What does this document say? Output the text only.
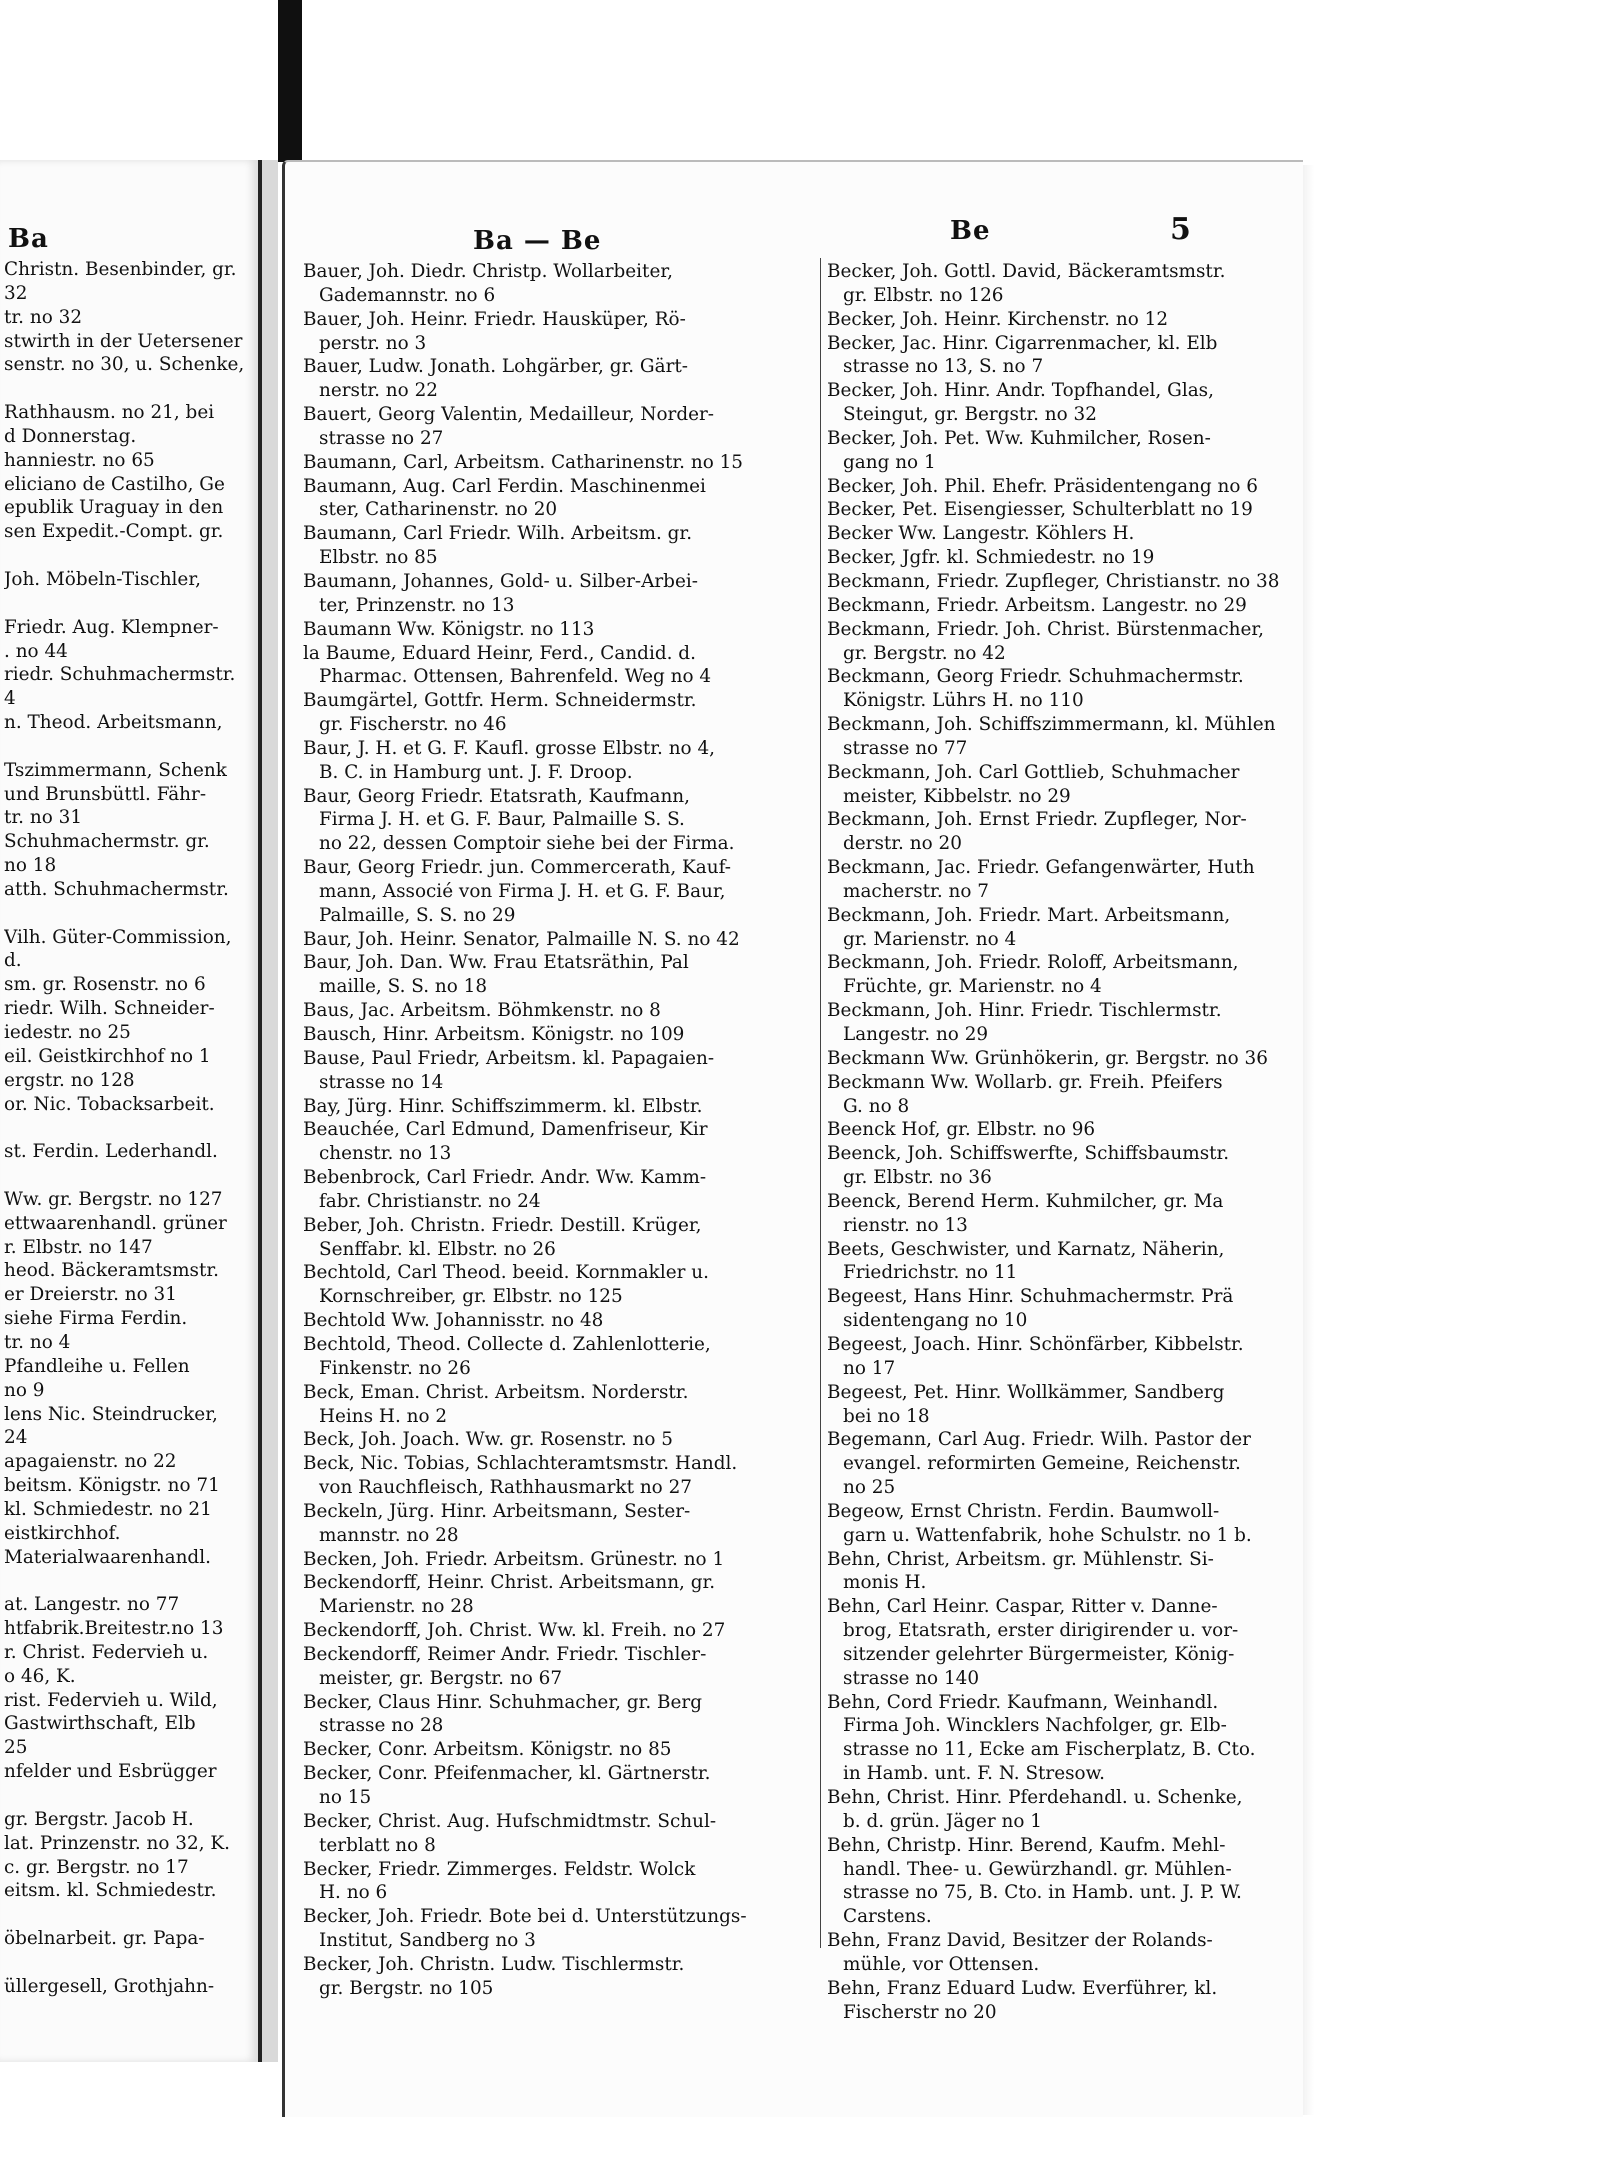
Ba
Christn. Besenbinder, gr.
32
tr. no 32
stwirth in der Uetersener
senstr. no 30, u. Schenke,

Rathhausm. no 21, bei
d Donnerstag.
hanniestr. no 65
eliciano de Castilho, Ge
epublik Uraguay in den
sen Expedit.-Compt. gr.

Joh. Möbeln-Tischler,

Friedr. Aug. Klempner-
. no 44
riedr. Schuhmachermstr.
4
n. Theod. Arbeitsmann,

Tszimmermann, Schenk
und Brunsbüttl. Fähr-
tr. no 31
Schuhmachermstr. gr.
no 18
atth. Schuhmachermstr.

Vilh. Güter-Commission,
d.
sm. gr. Rosenstr. no 6
riedr. Wilh. Schneider-
iedestr. no 25
eil. Geistkirchhof no 1
ergstr. no 128
or. Nic. Tobacksarbeit.

st. Ferdin. Lederhandl.

Ww. gr. Bergstr. no 127
ettwaarenhandl. grüner
r. Elbstr. no 147
heod. Bäckeramtsmstr.
er Dreierstr. no 31
siehe Firma Ferdin.
tr. no 4
Pfandleihe u. Fellen
no 9
lens Nic. Steindrucker,
24
apagaienstr. no 22
beitsm. Königstr. no 71
kl. Schmiedestr. no 21
eistkirchhof.
Materialwaarenhandl.

at. Langestr. no 77
htfabrik.Breitestr.no 13
r. Christ. Federvieh u.
o 46, K.
rist. Federvieh u. Wild,
Gastwirthschaft, Elb
25
nfelder und Esbrügger

gr. Bergstr. Jacob H.
lat. Prinzenstr. no 32, K.
c. gr. Bergstr. no 17
eitsm. kl. Schmiedestr.

öbelnarbeit. gr. Papa-

üllergesell, Grothjahn-
Ba — Be	Be	5
Bauer, Joh. Diedr. Christp. Wollarbeiter,
Gademannstr. no 6
Bauer, Joh. Heinr. Friedr. Hausküper, Rö-
perstr. no 3
Bauer, Ludw. Jonath. Lohgärber, gr. Gärt-
nerstr. no 22
Bauert, Georg Valentin, Medailleur, Norder-
strasse no 27
Baumann, Carl, Arbeitsm. Catharinenstr. no 15
Baumann, Aug. Carl Ferdin. Maschinenmei
ster, Catharinenstr. no 20
Baumann, Carl Friedr. Wilh. Arbeitsm. gr.
Elbstr. no 85
Baumann, Johannes, Gold- u. Silber-Arbei-
ter, Prinzenstr. no 13
Baumann Ww. Königstr. no 113
la Baume, Eduard Heinr, Ferd., Candid. d.
Pharmac. Ottensen, Bahrenfeld. Weg no 4
Baumgärtel, Gottfr. Herm. Schneidermstr.
gr. Fischerstr. no 46
Baur, J. H. et G. F. Kaufl. grosse Elbstr. no 4,
B. C. in Hamburg unt. J. F. Droop.
Baur, Georg Friedr. Etatsrath, Kaufmann,
Firma J. H. et G. F. Baur, Palmaille S. S.
no 22, dessen Comptoir siehe bei der Firma.
Baur, Georg Friedr. jun. Commercerath, Kauf-
mann, Associé von Firma J. H. et G. F. Baur,
Palmaille, S. S. no 29
Baur, Joh. Heinr. Senator, Palmaille N. S. no 42
Baur, Joh. Dan. Ww. Frau Etatsräthin, Pal
maille, S. S. no 18
Baus, Jac. Arbeitsm. Böhmkenstr. no 8
Bausch, Hinr. Arbeitsm. Königstr. no 109
Bause, Paul Friedr, Arbeitsm. kl. Papagaien-
strasse no 14
Bay, Jürg. Hinr. Schiffszimmerm. kl. Elbstr.
Beauchée, Carl Edmund, Damenfriseur, Kir
chenstr. no 13
Bebenbrock, Carl Friedr. Andr. Ww. Kamm-
fabr. Christianstr. no 24
Beber, Joh. Christn. Friedr. Destill. Krüger,
Senffabr. kl. Elbstr. no 26
Bechtold, Carl Theod. beeid. Kornmakler u.
Kornschreiber, gr. Elbstr. no 125
Bechtold Ww. Johannisstr. no 48
Bechtold, Theod. Collecte d. Zahlenlotterie,
Finkenstr. no 26
Beck, Eman. Christ. Arbeitsm. Norderstr.
Heins H. no 2
Beck, Joh. Joach. Ww. gr. Rosenstr. no 5
Beck, Nic. Tobias, Schlachteramtsmstr. Handl.
von Rauchfleisch, Rathhausmarkt no 27
Beckeln, Jürg. Hinr. Arbeitsmann, Sester-
mannstr. no 28
Becken, Joh. Friedr. Arbeitsm. Grünestr. no 1
Beckendorff, Heinr. Christ. Arbeitsmann, gr.
Marienstr. no 28
Beckendorff, Joh. Christ. Ww. kl. Freih. no 27
Beckendorff, Reimer Andr. Friedr. Tischler-
meister, gr. Bergstr. no 67
Becker, Claus Hinr. Schuhmacher, gr. Berg
strasse no 28
Becker, Conr. Arbeitsm. Königstr. no 85
Becker, Conr. Pfeifenmacher, kl. Gärtnerstr.
no 15
Becker, Christ. Aug. Hufschmidtmstr. Schul-
terblatt no 8
Becker, Friedr. Zimmerges. Feldstr. Wolck
H. no 6
Becker, Joh. Friedr. Bote bei d. Unterstützungs-
Institut, Sandberg no 3
Becker, Joh. Christn. Ludw. Tischlermstr.
gr. Bergstr. no 105
Becker, Joh. Gottl. David, Bäckeramtsmstr.
gr. Elbstr. no 126
Becker, Joh. Heinr. Kirchenstr. no 12
Becker, Jac. Hinr. Cigarrenmacher, kl. Elb
strasse no 13, S. no 7
Becker, Joh. Hinr. Andr. Topfhandel, Glas,
Steingut, gr. Bergstr. no 32
Becker, Joh. Pet. Ww. Kuhmilcher, Rosen-
gang no 1
Becker, Joh. Phil. Ehefr. Präsidentengang no 6
Becker, Pet. Eisengiesser, Schulterblatt no 19
Becker Ww. Langestr. Köhlers H.
Becker, Jgfr. kl. Schmiedestr. no 19
Beckmann, Friedr. Zupfleger, Christianstr. no 38
Beckmann, Friedr. Arbeitsm. Langestr. no 29
Beckmann, Friedr. Joh. Christ. Bürstenmacher,
gr. Bergstr. no 42
Beckmann, Georg Friedr. Schuhmachermstr.
Königstr. Lührs H. no 110
Beckmann, Joh. Schiffszimmermann, kl. Mühlen
strasse no 77
Beckmann, Joh. Carl Gottlieb, Schuhmacher
meister, Kibbelstr. no 29
Beckmann, Joh. Ernst Friedr. Zupfleger, Nor-
derstr. no 20
Beckmann, Jac. Friedr. Gefangenwärter, Huth
macherstr. no 7
Beckmann, Joh. Friedr. Mart. Arbeitsmann,
gr. Marienstr. no 4
Beckmann, Joh. Friedr. Roloff, Arbeitsmann,
Früchte, gr. Marienstr. no 4
Beckmann, Joh. Hinr. Friedr. Tischlermstr.
Langestr. no 29
Beckmann Ww. Grünhökerin, gr. Bergstr. no 36
Beckmann Ww. Wollarb. gr. Freih. Pfeifers
G. no 8
Beenck Hof, gr. Elbstr. no 96
Beenck, Joh. Schiffswerfte, Schiffsbaumstr.
gr. Elbstr. no 36
Beenck, Berend Herm. Kuhmilcher, gr. Ma
rienstr. no 13
Beets, Geschwister, und Karnatz, Näherin,
Friedrichstr. no 11
Begeest, Hans Hinr. Schuhmachermstr. Prä
sidentengang no 10
Begeest, Joach. Hinr. Schönfärber, Kibbelstr.
no 17
Begeest, Pet. Hinr. Wollkämmer, Sandberg
bei no 18
Begemann, Carl Aug. Friedr. Wilh. Pastor der
evangel. reformirten Gemeine, Reichenstr.
no 25
Begeow, Ernst Christn. Ferdin. Baumwoll-
garn u. Wattenfabrik, hohe Schulstr. no 1 b.
Behn, Christ, Arbeitsm. gr. Mühlenstr. Si-
monis H.
Behn, Carl Heinr. Caspar, Ritter v. Danne-
brog, Etatsrath, erster dirigirender u. vor-
sitzender gelehrter Bürgermeister, König-
strasse no 140
Behn, Cord Friedr. Kaufmann, Weinhandl.
Firma Joh. Wincklers Nachfolger, gr. Elb-
strasse no 11, Ecke am Fischerplatz, B. Cto.
in Hamb. unt. F. N. Stresow.
Behn, Christ. Hinr. Pferdehandl. u. Schenke,
b. d. grün. Jäger no 1
Behn, Christp. Hinr. Berend, Kaufm. Mehl-
handl. Thee- u. Gewürzhandl. gr. Mühlen-
strasse no 75, B. Cto. in Hamb. unt. J. P. W.
Carstens.
Behn, Franz David, Besitzer der Rolands-
mühle, vor Ottensen.
Behn, Franz Eduard Ludw. Everführer, kl.
Fischerstr no 20
